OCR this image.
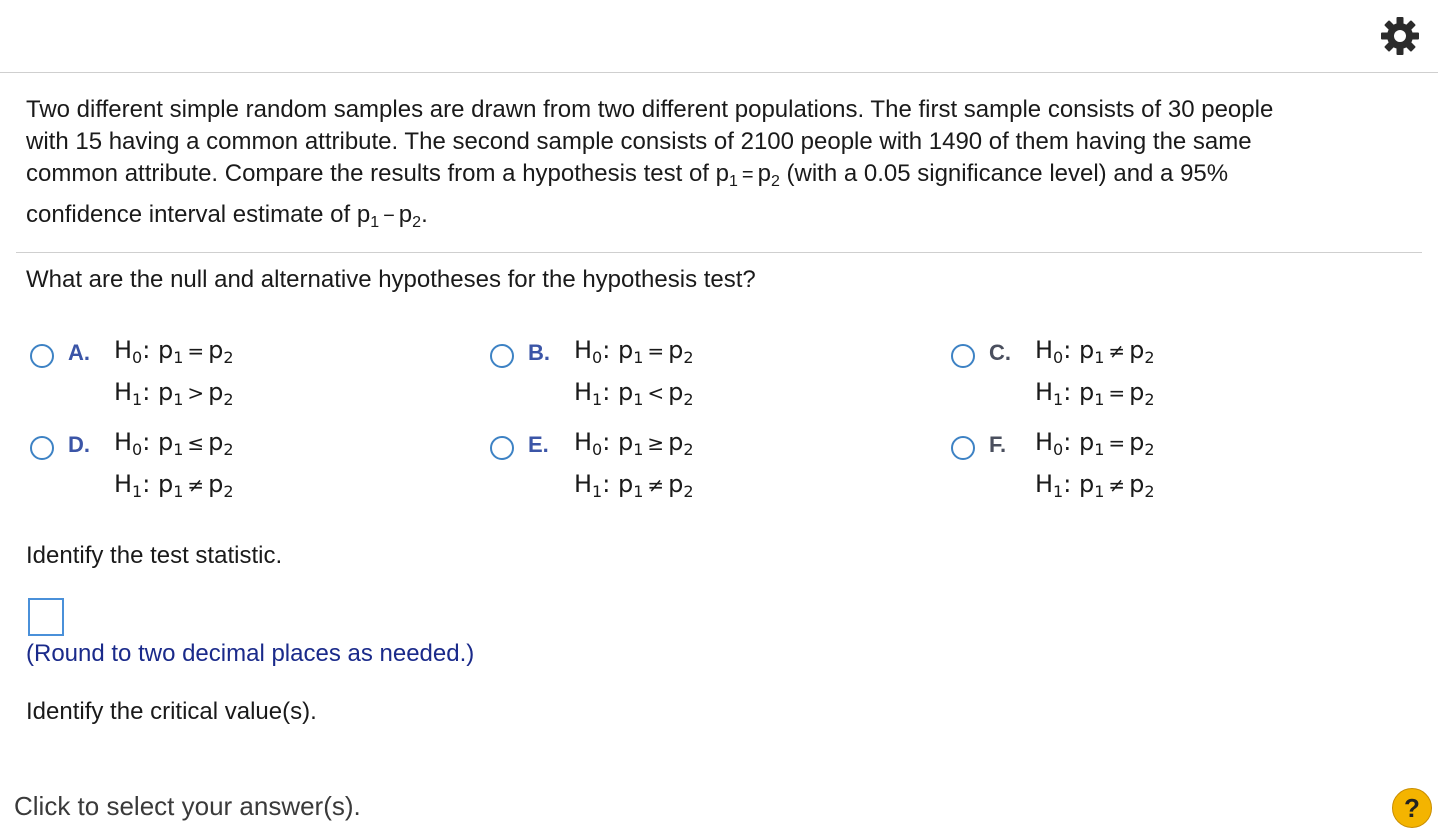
Two different simple random samples are drawn from two different populations. The first sample consists of 30 people
with 15 having a common attribute. The second sample consists of 2100 people with 1490 of them having the same
common attribute. Compare the results from a hypothesis test of $p_1 = p_2$ (with a 0.05 significance level) and a 95%
confidence interval estimate of $p_1 - p_2$.
What are the null and alternative hypotheses for the hypothesis test?
A. $H_0$: $p_1 = p_2$
$H_1$: $p_1 > p_2$
B. $H_0$: $p_1 = p_2$
$H_1$: $p_1 < p_2$
C. $H_0$: $p_1 \ne p_2$
$H_1$: $p_1 = p_2$
D. $H_0$: $p_1 \le p_2$
$H_1$: $p_1 \ne p_2$
E. $H_0$: $p_1 \ge p_2$
$H_1$: $p_1 \ne p_2$
F. $H_0$: $p_1 = p_2$
$H_1$: $p_1 \ne p_2$
Identify the test statistic.
(Round to two decimal places as needed.)
Identify the critical value(s).
Click to select your answer(s).	?
